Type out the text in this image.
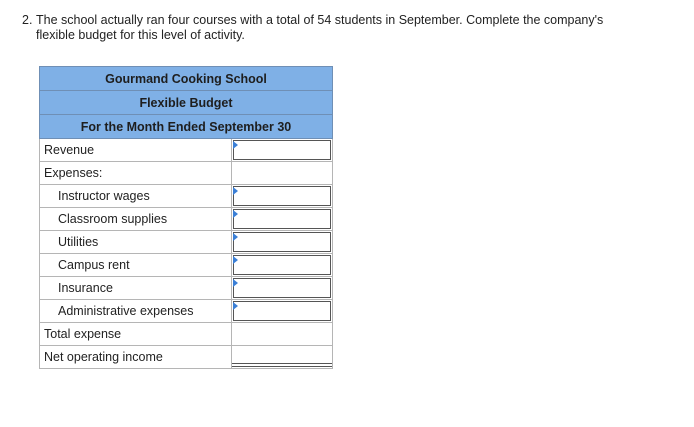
2. The school actually ran four courses with a total of 54 students in September. Complete the company's
flexible budget for this level of activity.
Gourmand Cooking School	
Flexible Budget	
For the Month Ended September 30	
Revenue	

Expenses:	
Instructor wages	

Classroom supplies	

Utilities	

Campus rent	

Insurance	

Administrative expenses	

Total expense	
Net operating income	
